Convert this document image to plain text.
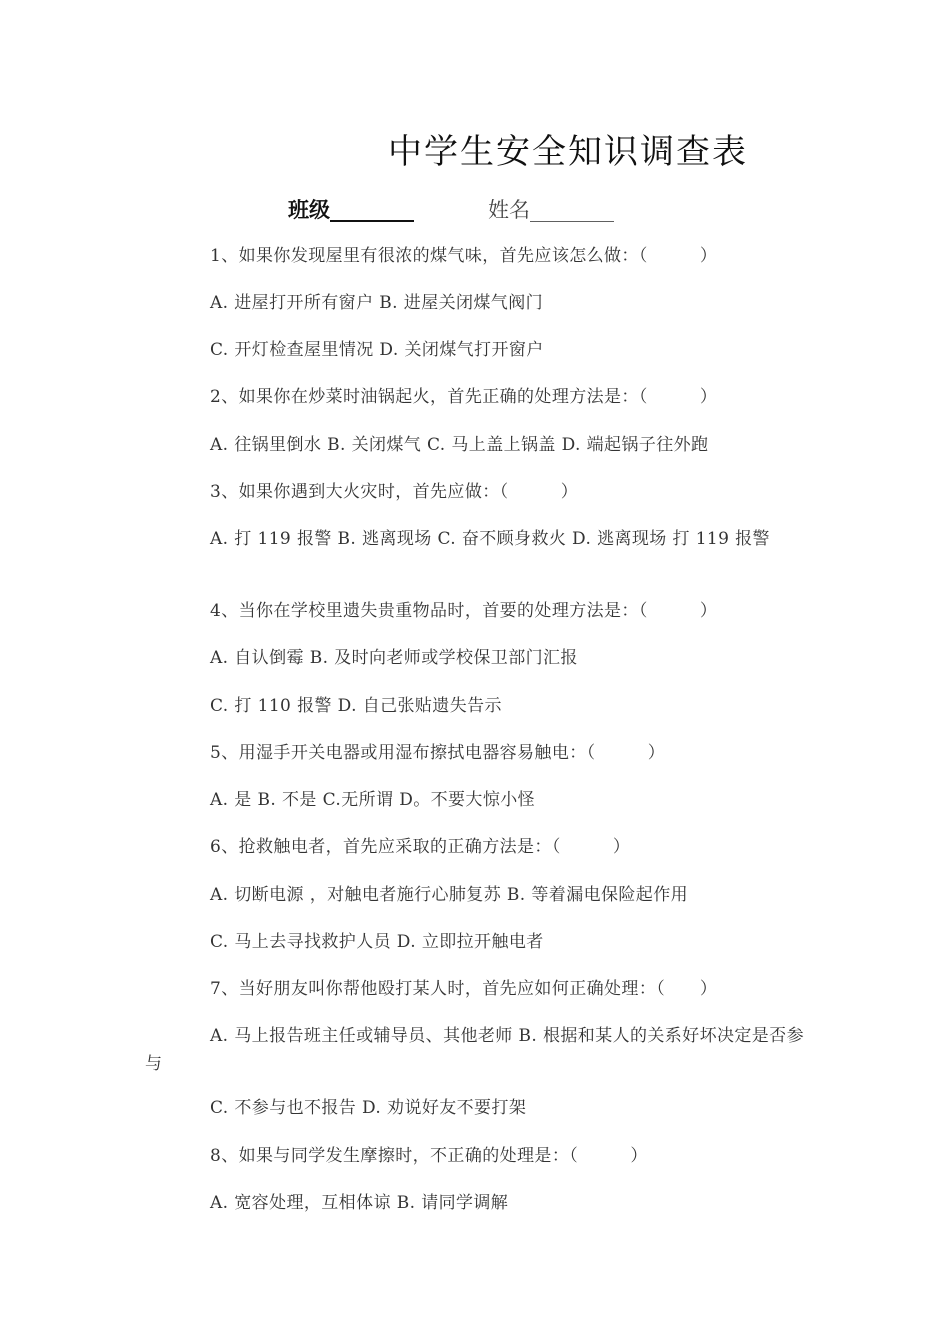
中学生安全知识调查表
班级________	姓名________
1、如果你发现屋里有很浓的煤气味，首先应该怎么做：（　　　）
A. 进屋打开所有窗户 B. 进屋关闭煤气阀门
C. 开灯检查屋里情况 D. 关闭煤气打开窗户
2、如果你在炒菜时油锅起火，首先正确的处理方法是：（　　　）
A. 往锅里倒水 B. 关闭煤气 C. 马上盖上锅盖 D. 端起锅子往外跑
3、如果你遇到大火灾时，首先应做：（　　　）
A. 打 119 报警 B. 逃离现场 C. 奋不顾身救火 D. 逃离现场 打 119 报警
4、当你在学校里遗失贵重物品时，首要的处理方法是：（　　　）
A. 自认倒霉 B. 及时向老师或学校保卫部门汇报
C. 打 110 报警 D. 自己张贴遗失告示
5、用湿手开关电器或用湿布擦拭电器容易触电：（　　　）
A. 是 B. 不是 C.无所谓 D。不要大惊小怪
6、抢救触电者，首先应采取的正确方法是：（　　　）
A. 切断电源 ，对触电者施行心肺复苏 B. 等着漏电保险起作用
C. 马上去寻找救护人员 D. 立即拉开触电者
7、当好朋友叫你帮他殴打某人时，首先应如何正确处理：（　　）
A. 马上报告班主任或辅导员、其他老师 B. 根据和某人的关系好坏决定是否参与
C. 不参与也不报告 D. 劝说好友不要打架
8、如果与同学发生摩擦时，不正确的处理是：（　　　）
A. 宽容处理，互相体谅 B. 请同学调解
